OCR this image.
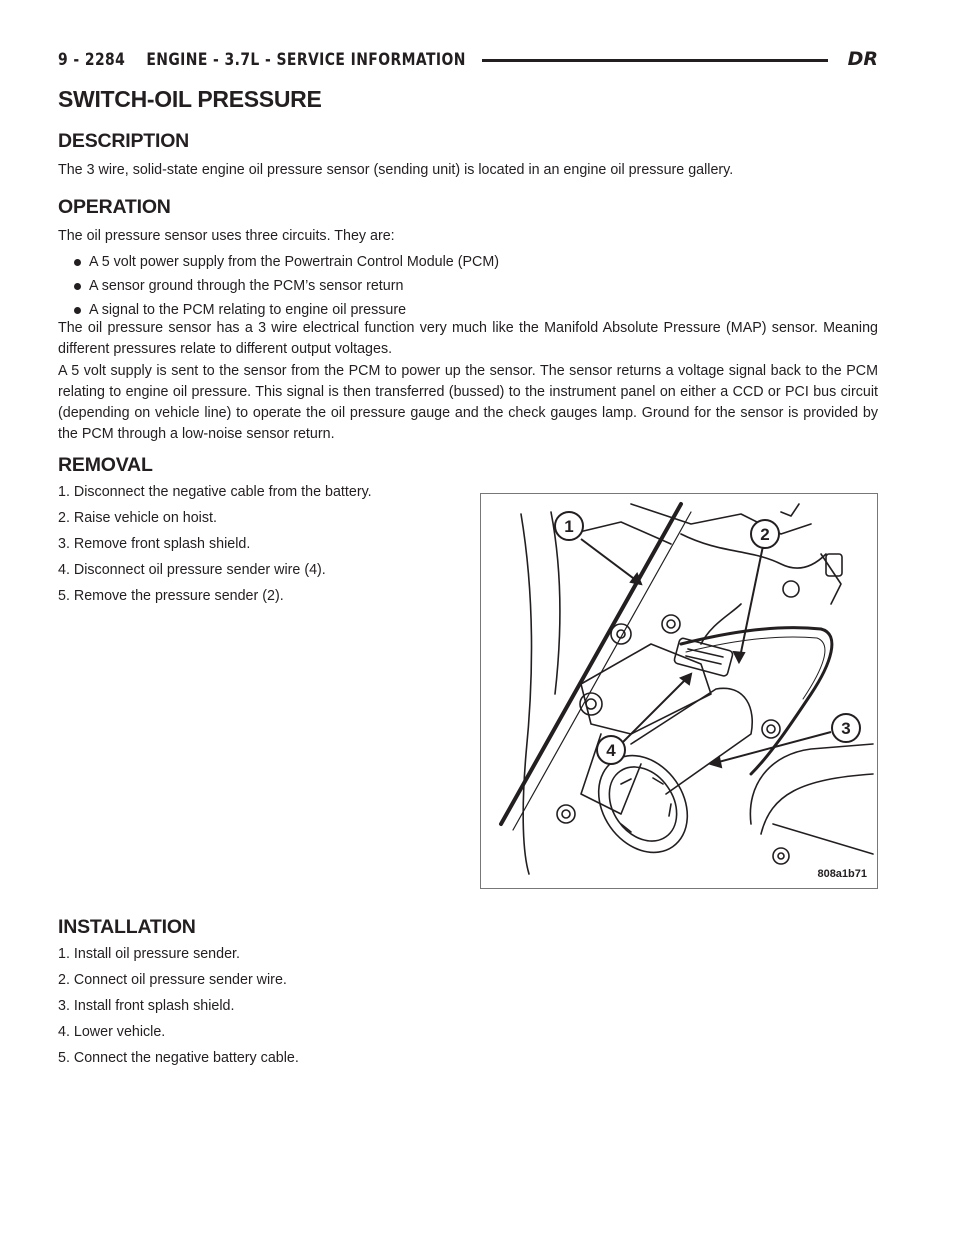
9 - 2284    ENGINE - 3.7L - SERVICE INFORMATION	DR
SWITCH-OIL PRESSURE
DESCRIPTION

The 3 wire, solid-state engine oil pressure sensor (sending unit) is located in an engine oil pressure gallery.

OPERATION

The oil pressure sensor uses three circuits. They are:

A 5 volt power supply from the Powertrain Control Module (PCM)
A sensor ground through the PCM’s sensor return
A signal to the PCM relating to engine oil pressure

The oil pressure sensor has a 3 wire electrical function very much like the Manifold Absolute Pressure (MAP) sensor. Meaning different pressures relate to different output voltages.

A 5 volt supply is sent to the sensor from the PCM to power up the sensor. The sensor returns a voltage signal back to the PCM relating to engine oil pressure. This signal is then transferred (bussed) to the instrument panel on either a CCD or PCI bus circuit (depending on vehicle line) to operate the oil pressure gauge and the check gauges lamp. Ground for the sensor is provided by the PCM through a low-noise sensor return.

REMOVAL
1. Disconnect the negative cable from the battery.
2. Raise vehicle on hoist.
3. Remove front splash shield.
4. Disconnect oil pressure sender wire (4).
5. Remove the pressure sender (2).
1	2
3
4
808a1b71
INSTALLATION
1. Install oil pressure sender.
2. Connect oil pressure sender wire.
3. Install front splash shield.
4. Lower vehicle.
5. Connect the negative battery cable.
